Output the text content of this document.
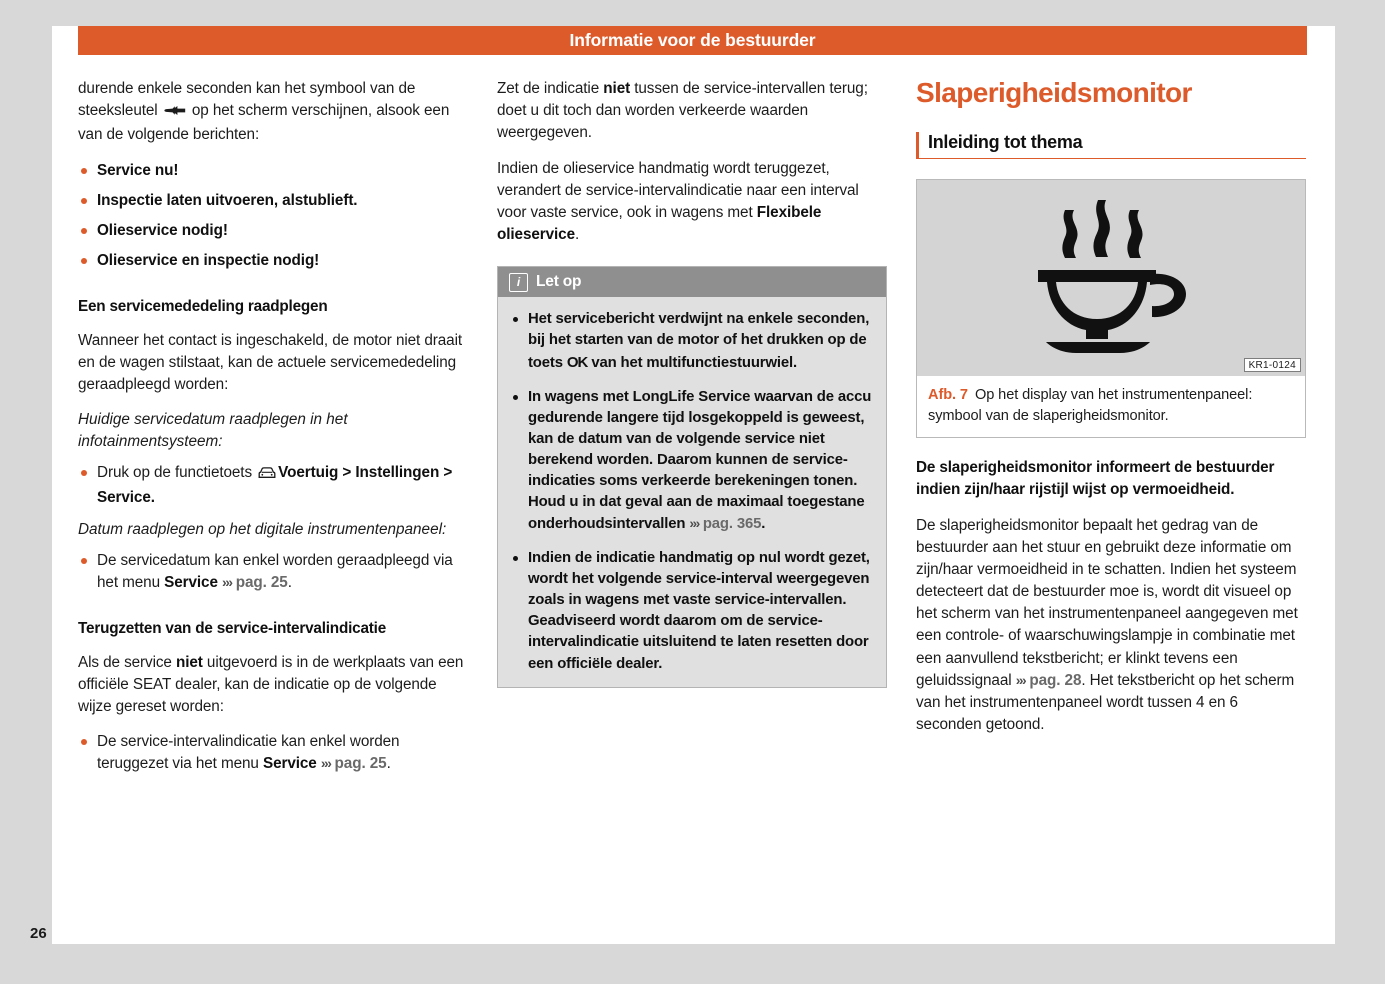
Informatie voor de bestuurder
26

durende enkele seconden kan het symbool van de steeksleutel  op het scherm verschijnen, alsook een van de volgende berichten:

Service nu!
Inspectie laten uitvoeren, alstublieft.
Olieservice nodig!
Olieservice en inspectie nodig!
Een servicemededeling raadplegen

Wanneer het contact is ingeschakeld, de motor niet draait en de wagen stilstaat, kan de actuele servicemededeling geraadpleegd worden:

Huidige servicedatum raadplegen in het infotainmentsysteem:
Druk op de functietoets Voertuig > Instellingen > Service.
Datum raadplegen op het digitale instrumentenpaneel:
De servicedatum kan enkel worden geraadpleegd via het menu Service ››› pag. 25.
Terugzetten van de service-intervalindicatie

Als de service niet uitgevoerd is in de werkplaats van een officiële SEAT dealer, kan de indicatie op de volgende wijze gereset worden:

De service-intervalindicatie kan enkel worden teruggezet via het menu Service ››› pag. 25.

Zet de indicatie niet tussen de service-intervallen terug; doet u dit toch dan worden verkeerde waarden weergegeven.

Indien de olieservice handmatig wordt teruggezet, verandert de service-intervalindicatie naar een interval voor vaste service, ook in wagens met Flexibele olieservice.

i	Let op
Het servicebericht verdwijnt na enkele seconden, bij het starten van de motor of het drukken op de toets OK van het multifunctiestuurwiel.
In wagens met LongLife Service waarvan de accu gedurende langere tijd losgekoppeld is geweest, kan de datum van de volgende service niet berekend worden. Daarom kunnen de service-indicaties soms verkeerde berekeningen tonen. Houd u in dat geval aan de maximaal toegestane onderhoudsintervallen ››› pag. 365.
Indien de indicatie handmatig op nul wordt gezet, wordt het volgende service-interval weergegeven zoals in wagens met vaste service-intervallen. Geadviseerd wordt daarom om de service-intervalindicatie uitsluitend te laten resetten door een officiële dealer.
Slaperigheidsmonitor
Inleiding tot thema
KR1-0124
Afb. 7 Op het display van het instrumentenpaneel: symbool van de slaperigheidsmonitor.
De slaperigheidsmonitor informeert de bestuurder indien zijn/haar rijstijl wijst op vermoeidheid.

De slaperigheidsmonitor bepaalt het gedrag van de bestuurder aan het stuur en gebruikt deze informatie om zijn/haar vermoeidheid in te schatten. Indien het systeem detecteert dat de bestuurder moe is, wordt dit visueel op het scherm van het instrumentenpaneel aangegeven met een controle- of waarschuwingslampje in combinatie met een aanvullend tekstbericht; er klinkt tevens een geluidssignaal ››› pag. 28. Het tekstbericht op het scherm van het instrumentenpaneel wordt tussen 4 en 6 seconden getoond.
